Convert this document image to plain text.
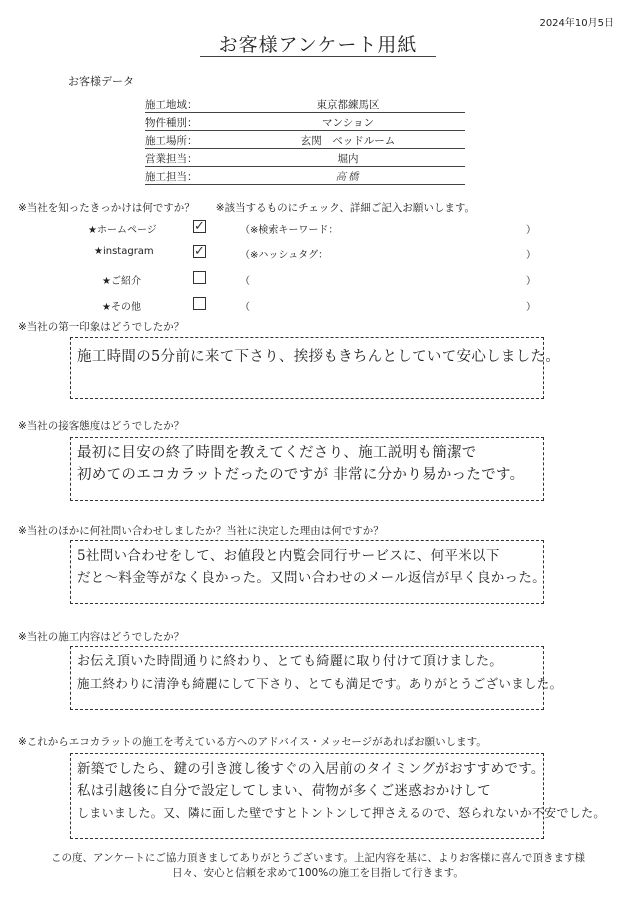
2024年10月5日
お客様アンケート用紙
お客様データ
施工地域：	東京都練馬区
物件種別：	マンション
施工場所：	玄関　ベッドルーム
営業担当：	堀内
施工担当：	高橋
※当社を知ったきっかけは何ですか？　　※該当するものにチェック、詳細ご記入お願いします。
★ホームページ	✓	（※検索キーワード：	）
★instagram	✓	（※ハッシュタグ：	）
★ご紹介	（	）
★その他	（	）
※当社の第一印象はどうでしたか？
施工時間の5分前に来て下さり、挨拶もきちんとしていて安心しました。
※当社の接客態度はどうでしたか？
最初に目安の終了時間を教えてくださり、施工説明も簡潔で
初めてのエコカラットだったのですが 非常に分かり易かったです。
※当社のほかに何社問い合わせしましたか？当社に決定した理由は何ですか？
5社問い合わせをして、お値段と内覧会同行サービスに、何平米以下
だと〜料金等がなく良かった。又問い合わせのメール返信が早く良かった。
※当社の施工内容はどうでしたか？
お伝え頂いた時間通りに終わり、とても綺麗に取り付けて頂けました。
施工終わりに清浄も綺麗にして下さり、とても満足です。ありがとうございました。
※これからエコカラットの施工を考えている方へのアドバイス・メッセージがあればお願いします。
新築でしたら、鍵の引き渡し後すぐの入居前のタイミングがおすすめです。
私は引越後に自分で設定してしまい、荷物が多くご迷惑おかけして
しまいました。又、隣に面した壁ですとトントンして押さえるので、怒られないか不安でした。
この度、アンケートにご協力頂きましてありがとうございます。上記内容を基に、よりお客様に喜んで頂きます様
日々、安心と信頼を求めて100%の施工を目指して行きます。
